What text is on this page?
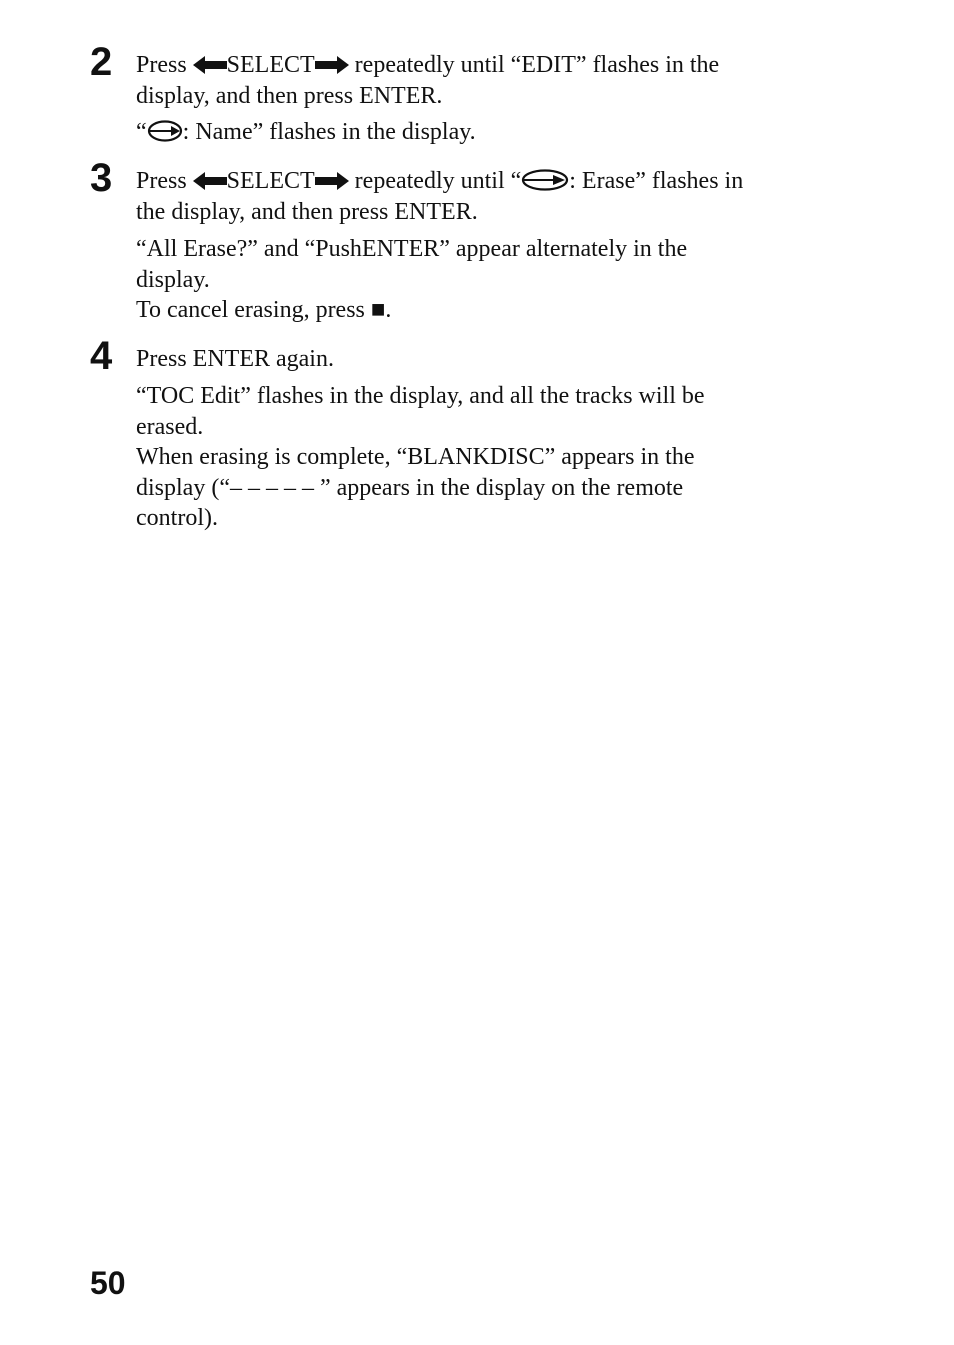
2 Press
SELECT
repeatedly until “EDIT” flashes in the
display, and then press ENTER.

“ : Name” flashes in the display.

3 Press
SELECT
repeatedly until “ : Erase” flashes in
the display, and then press ENTER.

“All Erase?” and “PushENTER” appear alternately in the
display.
To cancel erasing, press ■.

4 Press ENTER again.

“TOC Edit” flashes in the display, and all the tracks will be
erased.
When erasing is complete, “BLANKDISC” appears in the
display (“– – – – – ” appears in the display on the remote
control).

50
